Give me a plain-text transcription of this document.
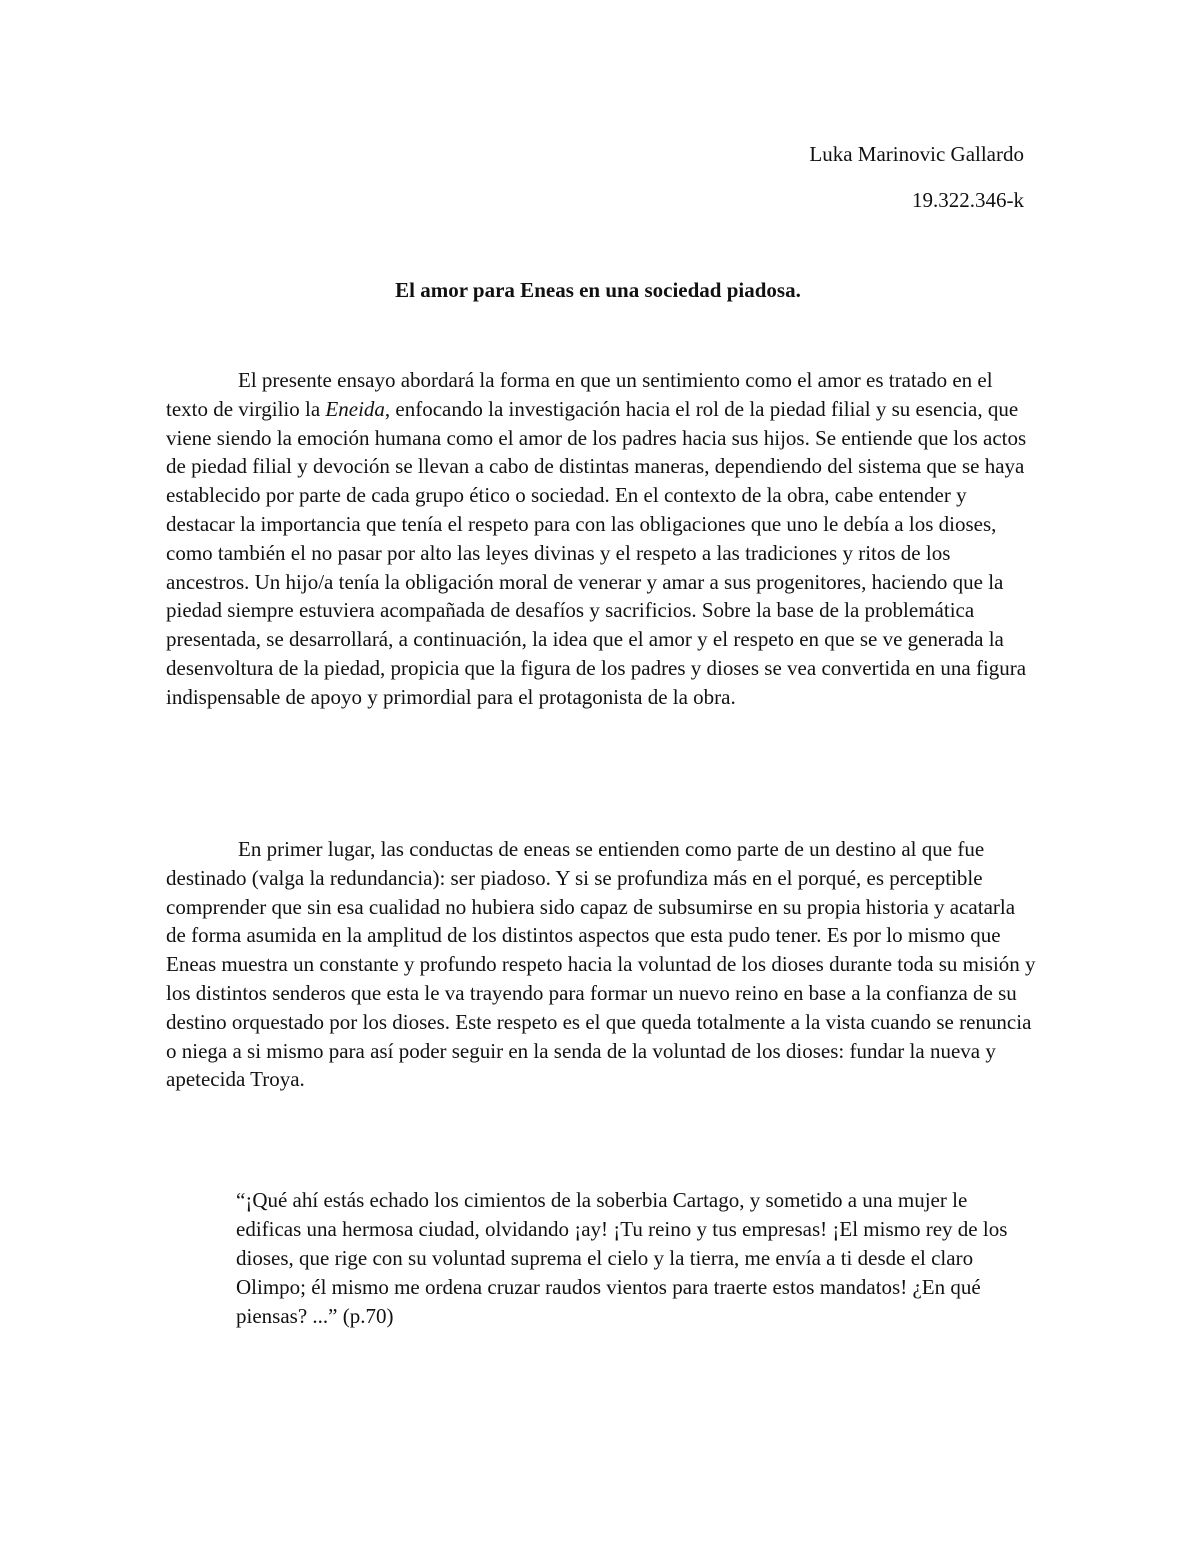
Luka Marinovic Gallardo
19.322.346-k
El amor para Eneas en una sociedad piadosa.

El presente ensayo abordará la forma en que un sentimiento como el amor es tratado en el texto de virgilio la Eneida, enfocando la investigación hacia el rol de la piedad filial y su esencia, que viene siendo la emoción humana como el amor de los padres hacia sus hijos. Se entiende que los actos de piedad filial y devoción se llevan a cabo de distintas maneras, dependiendo del sistema que se haya establecido por parte de cada grupo ético o sociedad. En el contexto de la obra, cabe entender y destacar la importancia que tenía el respeto para con las obligaciones que uno le debía a los dioses, como también el no pasar por alto las leyes divinas y el respeto a las tradiciones y ritos de los ancestros. Un hijo/a tenía la obligación moral de venerar y amar a sus progenitores, haciendo que la piedad siempre estuviera acompañada de desafíos y sacrificios. Sobre la base de la problemática presentada, se desarrollará, a continuación, la idea que el amor y el respeto en que se ve generada la desenvoltura de la piedad, propicia que la figura de los padres y dioses se vea convertida en una figura indispensable de apoyo y primordial para el protagonista de la obra.

En primer lugar, las conductas de eneas se entienden como parte de un destino al que fue destinado (valga la redundancia): ser piadoso. Y si se profundiza más en el porqué, es perceptible comprender que sin esa cualidad no hubiera sido capaz de subsumirse en su propia historia y acatarla de forma asumida en la amplitud de los distintos aspectos que esta pudo tener. Es por lo mismo que Eneas muestra un constante y profundo respeto hacia la voluntad de los dioses durante toda su misión y los distintos senderos que esta le va trayendo para formar un nuevo reino en base a la confianza de su destino orquestado por los dioses. Este respeto es el que queda totalmente a la vista cuando se renuncia o niega a si mismo para así poder seguir en la senda de la voluntad de los dioses: fundar la nueva y apetecida Troya.

“¡Qué ahí estás echado los cimientos de la soberbia Cartago, y sometido a una mujer le edificas una hermosa ciudad, olvidando ¡ay! ¡Tu reino y tus empresas! ¡El mismo rey de los dioses, que rige con su voluntad suprema el cielo y la tierra, me envía a ti desde el claro Olimpo; él mismo me ordena cruzar raudos vientos para traerte estos mandatos! ¿En qué piensas? ...” (p.70)
